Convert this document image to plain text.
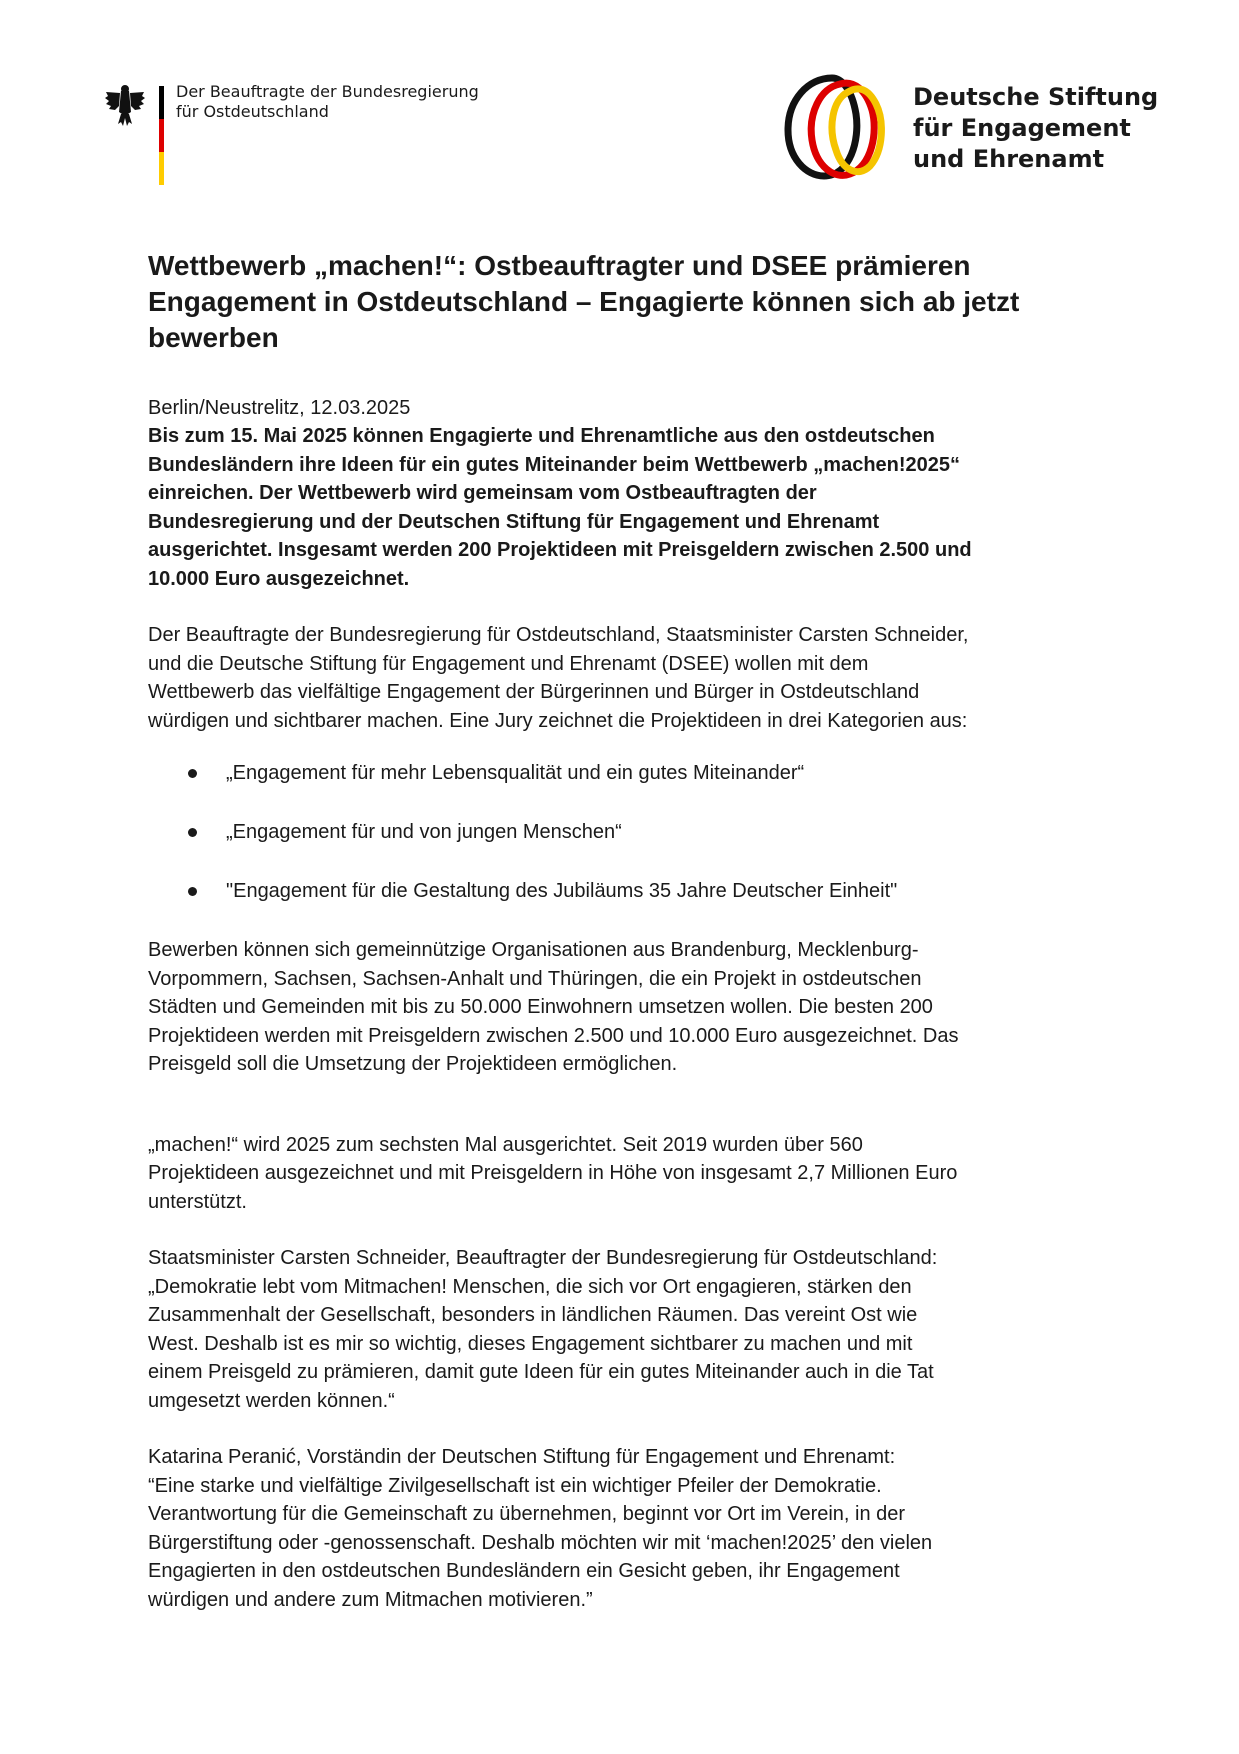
Der Beauftragte der Bundesregierung
für Ostdeutschland
Deutsche Stiftung
für Engagement
und Ehrenamt
Wettbewerb „machen!“: Ostbeauftragter und DSEE prämieren
Engagement in Ostdeutschland – Engagierte können sich ab jetzt
bewerben
Berlin/Neustrelitz, 12.03.2025
Bis zum 15. Mai 2025 können Engagierte und Ehrenamtliche aus den ostdeutschen
Bundesländern ihre Ideen für ein gutes Miteinander beim Wettbewerb „machen!2025“
einreichen. Der Wettbewerb wird gemeinsam vom Ostbeauftragten der
Bundesregierung und der Deutschen Stiftung für Engagement und Ehrenamt
ausgerichtet. Insgesamt werden 200 Projektideen mit Preisgeldern zwischen 2.500 und
10.000 Euro ausgezeichnet.
Der Beauftragte der Bundesregierung für Ostdeutschland, Staatsminister Carsten Schneider,
und die Deutsche Stiftung für Engagement und Ehrenamt (DSEE) wollen mit dem
Wettbewerb das vielfältige Engagement der Bürgerinnen und Bürger in Ostdeutschland
würdigen und sichtbarer machen. Eine Jury zeichnet die Projektideen in drei Kategorien aus:
„Engagement für mehr Lebensqualität und ein gutes Miteinander“
„Engagement für und von jungen Menschen“
"Engagement für die Gestaltung des Jubiläums 35 Jahre Deutscher Einheit"
Bewerben können sich gemeinnützige Organisationen aus Brandenburg, Mecklenburg-
Vorpommern, Sachsen, Sachsen-Anhalt und Thüringen, die ein Projekt in ostdeutschen
Städten und Gemeinden mit bis zu 50.000 Einwohnern umsetzen wollen. Die besten 200
Projektideen werden mit Preisgeldern zwischen 2.500 und 10.000 Euro ausgezeichnet. Das
Preisgeld soll die Umsetzung der Projektideen ermöglichen.
„machen!“ wird 2025 zum sechsten Mal ausgerichtet. Seit 2019 wurden über 560
Projektideen ausgezeichnet und mit Preisgeldern in Höhe von insgesamt 2,7 Millionen Euro
unterstützt.
Staatsminister Carsten Schneider, Beauftragter der Bundesregierung für Ostdeutschland:
„Demokratie lebt vom Mitmachen! Menschen, die sich vor Ort engagieren, stärken den
Zusammenhalt der Gesellschaft, besonders in ländlichen Räumen. Das vereint Ost wie
West. Deshalb ist es mir so wichtig, dieses Engagement sichtbarer zu machen und mit
einem Preisgeld zu prämieren, damit gute Ideen für ein gutes Miteinander auch in die Tat
umgesetzt werden können.“
Katarina Peranić, Vorständin der Deutschen Stiftung für Engagement und Ehrenamt:
“Eine starke und vielfältige Zivilgesellschaft ist ein wichtiger Pfeiler der Demokratie.
Verantwortung für die Gemeinschaft zu übernehmen, beginnt vor Ort im Verein, in der
Bürgerstiftung oder -genossenschaft. Deshalb möchten wir mit ‘machen!2025’ den vielen
Engagierten in den ostdeutschen Bundesländern ein Gesicht geben, ihr Engagement
würdigen und andere zum Mitmachen motivieren.”
